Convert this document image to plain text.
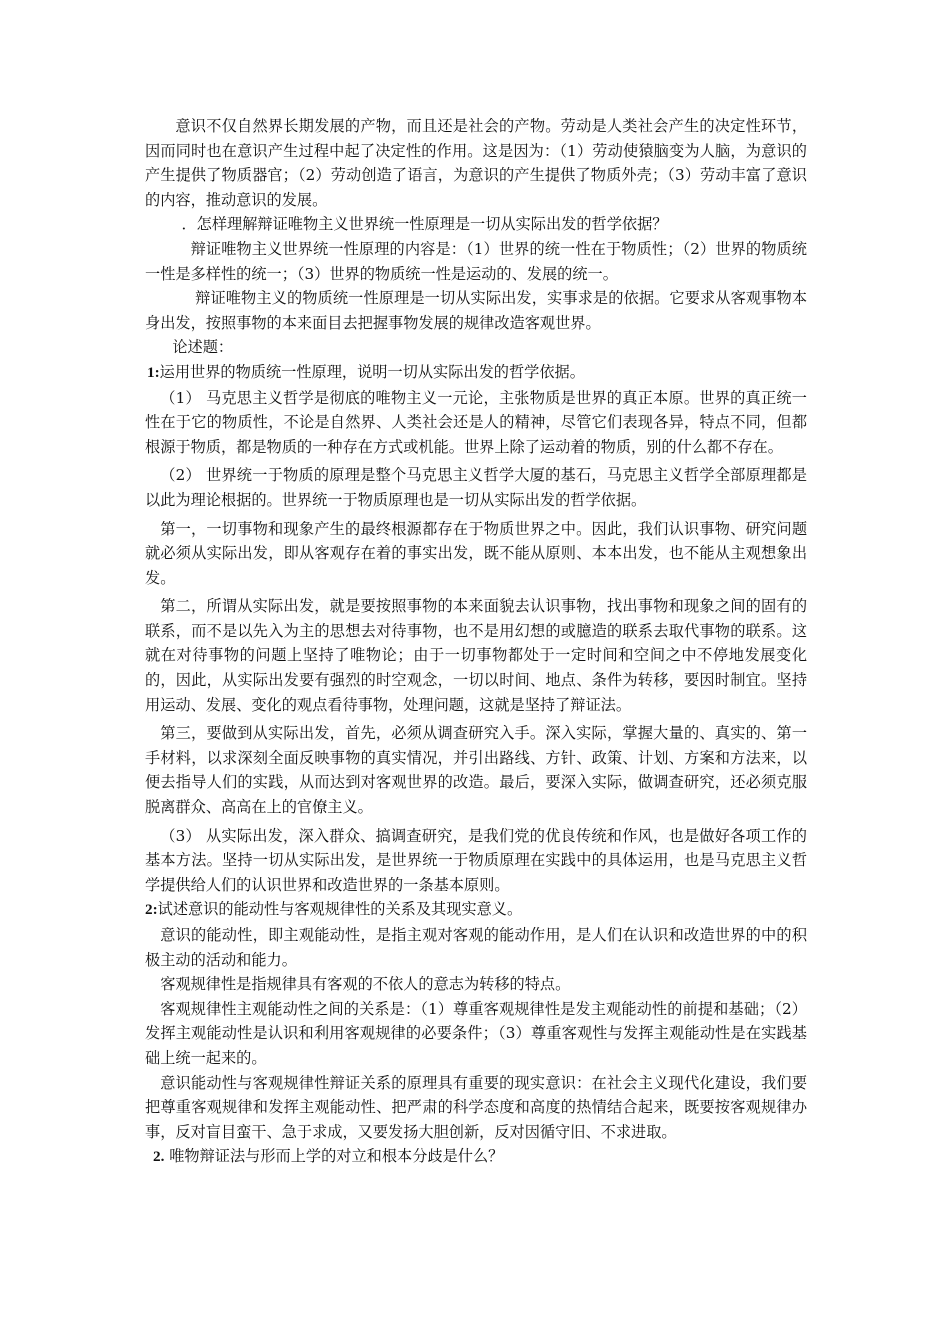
意识不仅自然界长期发展的产物，而且还是社会的产物。劳动是人类社会产生的决定性环节，因而同时也在意识产生过程中起了决定性的作用。这是因为：（1）劳动使猿脑变为人脑，为意识的产生提供了物质器官；（2）劳动创造了语言，为意识的产生提供了物质外壳；（3）劳动丰富了意识的内容，推动意识的发展。

．怎样理解辩证唯物主义世界统一性原理是一切从实际出发的哲学依据？

辩证唯物主义世界统一性原理的内容是：（1）世界的统一性在于物质性；（2）世界的物质统一性是多样性的统一；（3）世界的物质统一性是运动的、发展的统一。

辩证唯物主义的物质统一性原理是一切从实际出发，实事求是的依据。它要求从客观事物本身出发，按照事物的本来面目去把握事物发展的规律改造客观世界。

论述题：

1:运用世界的物质统一性原理，说明一切从实际出发的哲学依据。

（1） 马克思主义哲学是彻底的唯物主义一元论，主张物质是世界的真正本原。世界的真正统一性在于它的物质性，不论是自然界、人类社会还是人的精神，尽管它们表现各异，特点不同，但都根源于物质，都是物质的一种存在方式或机能。世界上除了运动着的物质，别的什么都不存在。

（2） 世界统一于物质的原理是整个马克思主义哲学大厦的基石，马克思主义哲学全部原理都是以此为理论根据的。世界统一于物质原理也是一切从实际出发的哲学依据。

第一，一切事物和现象产生的最终根源都存在于物质世界之中。因此，我们认识事物、研究问题就必须从实际出发，即从客观存在着的事实出发，既不能从原则、本本出发，也不能从主观想象出发。

第二，所谓从实际出发，就是要按照事物的本来面貌去认识事物，找出事物和现象之间的固有的联系，而不是以先入为主的思想去对待事物，也不是用幻想的或臆造的联系去取代事物的联系。这就在对待事物的问题上坚持了唯物论；由于一切事物都处于一定时间和空间之中不停地发展变化的，因此，从实际出发要有强烈的时空观念，一切以时间、地点、条件为转移，要因时制宜。坚持用运动、发展、变化的观点看待事物，处理问题，这就是坚持了辩证法。

第三，要做到从实际出发，首先，必须从调查研究入手。深入实际，掌握大量的、真实的、第一手材料，以求深刻全面反映事物的真实情况，并引出路线、方针、政策、计划、方案和方法来，以便去指导人们的实践，从而达到对客观世界的改造。最后，要深入实际，做调查研究，还必须克服脱离群众、高高在上的官僚主义。

（3） 从实际出发，深入群众、搞调查研究，是我们党的优良传统和作风，也是做好各项工作的基本方法。坚持一切从实际出发，是世界统一于物质原理在实践中的具体运用，也是马克思主义哲学提供给人们的认识世界和改造世界的一条基本原则。

2:试述意识的能动性与客观规律性的关系及其现实意义。

意识的能动性，即主观能动性，是指主观对客观的能动作用，是人们在认识和改造世界的中的积极主动的活动和能力。

客观规律性是指规律具有客观的不依人的意志为转移的特点。

客观规律性主观能动性之间的关系是：（1）尊重客观规律性是发主观能动性的前提和基础；（2）发挥主观能动性是认识和利用客观规律的必要条件；（3）尊重客观性与发挥主观能动性是在实践基础上统一起来的。

意识能动性与客观规律性辩证关系的原理具有重要的现实意识：在社会主义现代化建设，我们要把尊重客观规律和发挥主观能动性、把严肃的科学态度和高度的热情结合起来，既要按客观规律办事，反对盲目蛮干、急于求成，又要发扬大胆创新，反对因循守旧、不求进取。

2. 唯物辩证法与形而上学的对立和根本分歧是什么？
